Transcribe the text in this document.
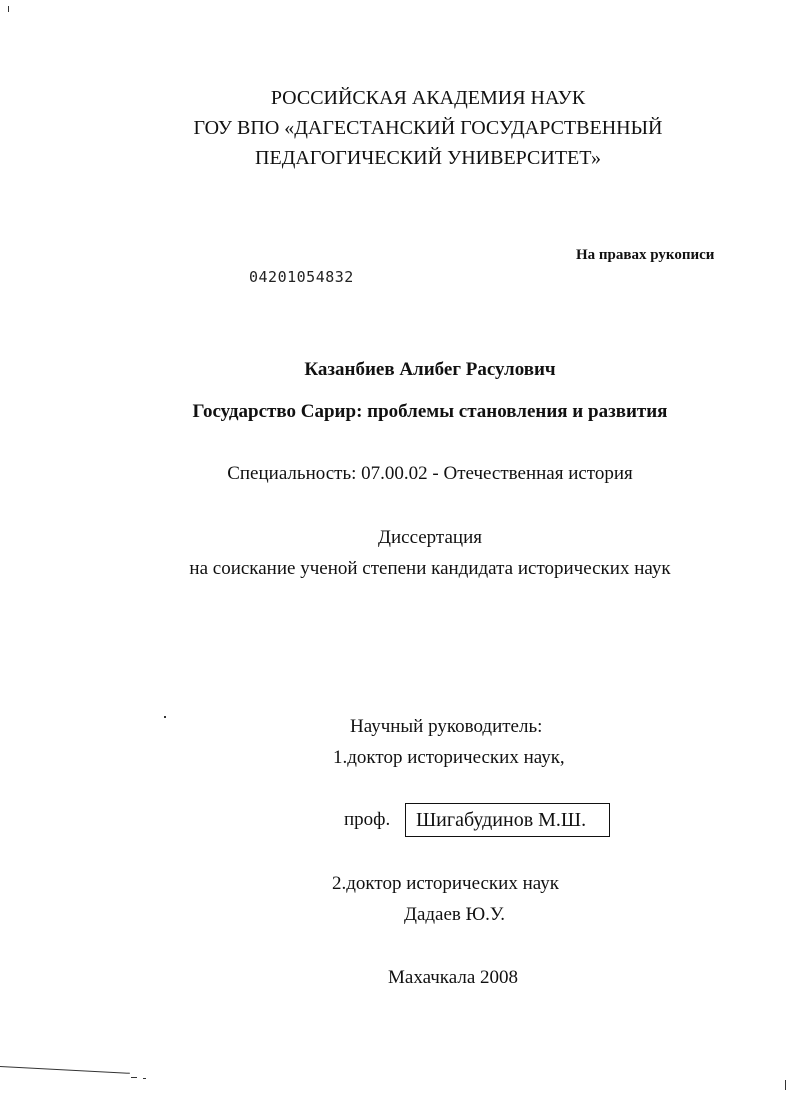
РОССИЙСКАЯ АКАДЕМИЯ НАУК
ГОУ ВПО «ДАГЕСТАНСКИЙ ГОСУДАРСТВЕННЫЙ
ПЕДАГОГИЧЕСКИЙ УНИВЕРСИТЕТ»
На правах рукописи
04201054832
Казанбиев Алибег Расулович
Государство Сарир: проблемы становления и развития
Специальность: 07.00.02 - Отечественная история
Диссертация
на соискание ученой степени кандидата исторических наук
Научный руководитель:
1.доктор исторических наук,
проф. Шигабудинов М.Ш.
2.доктор исторических наук
Дадаев Ю.У.
Махачкала 2008
